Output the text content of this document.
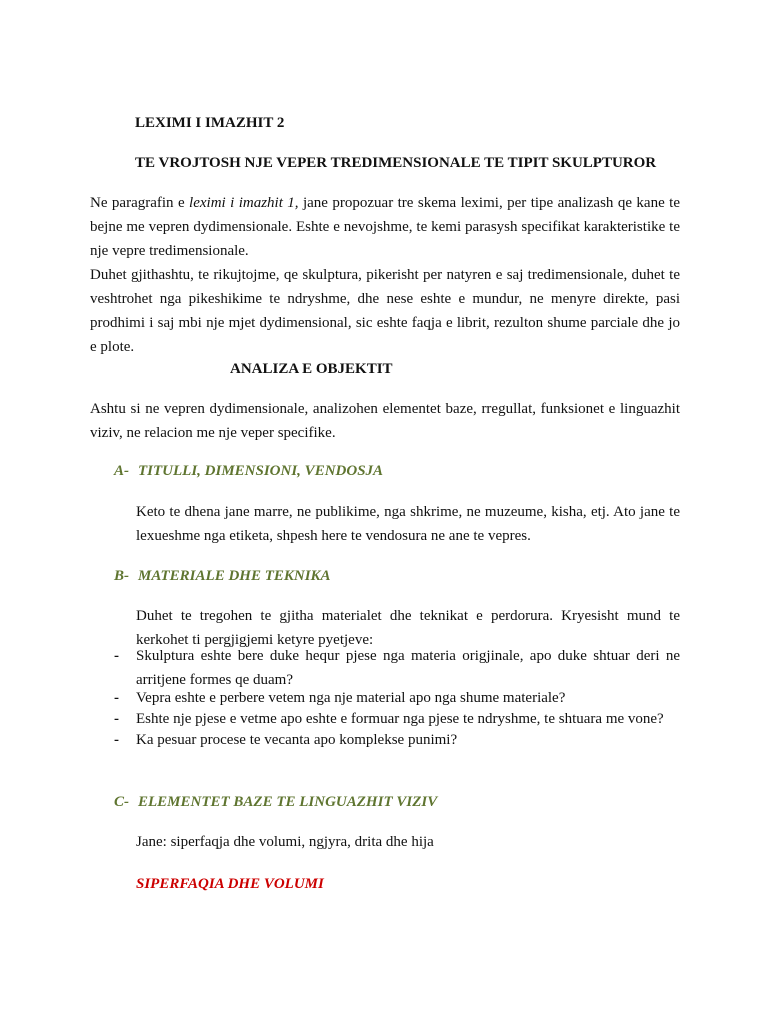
LEXIMI I IMAZHIT 2

TE VROJTOSH NJE VEPER TREDIMENSIONALE TE TIPIT SKULPTUROR

Ne paragrafin e leximi i imazhit 1, jane propozuar tre skema leximi, per tipe analizash qe kane te bejne me vepren dydimensionale. Eshte e nevojshme, te kemi parasysh specifikat karakteristike te nje vepre tredimensionale.

Duhet gjithashtu, te rikujtojme, qe skulptura, pikerisht per natyren e saj tredimensionale, duhet te veshtrohet nga pikeshikime te ndryshme, dhe nese eshte e mundur, ne menyre direkte, pasi prodhimi i saj mbi nje mjet dydimensional, sic eshte faqja e librit, rezulton shume parciale dhe jo e plote.

ANALIZA E OBJEKTIT

Ashtu si ne vepren dydimensionale, analizohen elementet baze, rregullat, funksionet e linguazhit viziv, ne relacion me nje veper specifike.

A- TITULLI, DIMENSIONI, VENDOSJA

Keto te dhena jane marre, ne publikime, nga shkrime, ne muzeume, kisha, etj. Ato jane te lexueshme nga etiketa, shpesh here te vendosura ne ane te vepres.

B- MATERIALE DHE TEKNIKA

Duhet te tregohen te gjitha materialet dhe teknikat e perdorura. Kryesisht mund te kerkohet ti pergjigjemi ketyre pyetjeve:

- Skulptura eshte bere duke hequr pjese nga materia origjinale, apo duke shtuar deri ne arritjene formes qe duam?
- Vepra eshte e perbere vetem nga nje material apo nga shume materiale?
- Eshte nje pjese e vetme apo eshte e formuar nga pjese te ndryshme, te shtuara me vone?
- Ka pesuar procese te vecanta apo komplekse punimi?

C- ELEMENTET BAZE TE LINGUAZHIT VIZIV

Jane: siperfaqja dhe volumi, ngjyra, drita dhe hija

SIPERFAQIA DHE VOLUMI
